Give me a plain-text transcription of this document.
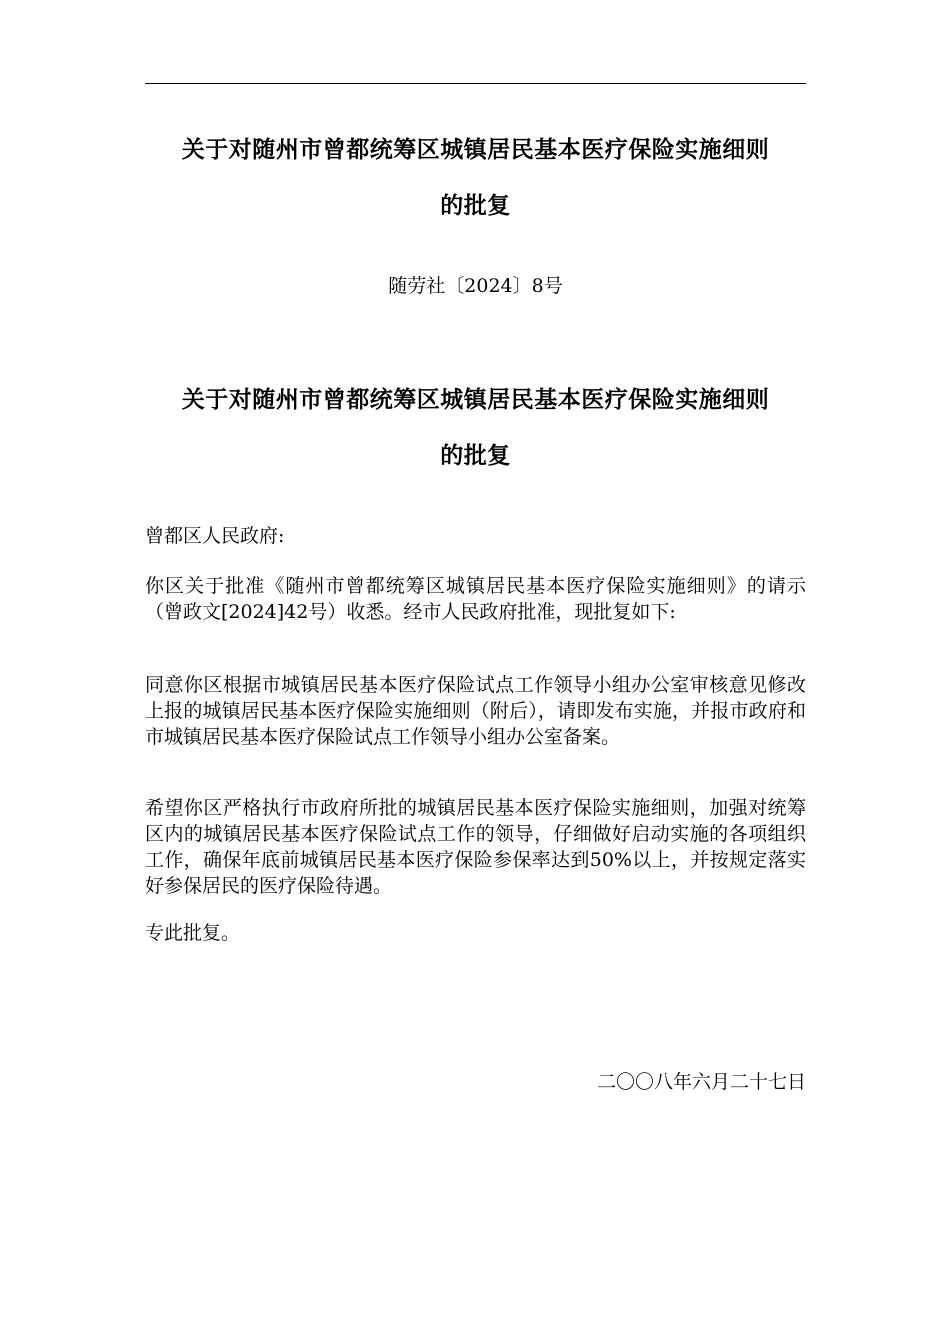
关于对随州市曾都统筹区城镇居民基本医疗保险实施细则
的批复
随劳社〔2024〕8号
关于对随州市曾都统筹区城镇居民基本医疗保险实施细则
的批复
曾都区人民政府:
你区关于批准《随州市曾都统筹区城镇居民基本医疗保险实施细则》的请示（曾政文[2024]42号）收悉。经市人民政府批准，现批复如下:
同意你区根据市城镇居民基本医疗保险试点工作领导小组办公室审核意见修改上报的城镇居民基本医疗保险实施细则（附后），请即发布实施，并报市政府和市城镇居民基本医疗保险试点工作领导小组办公室备案。
希望你区严格执行市政府所批的城镇居民基本医疗保险实施细则，加强对统筹区内的城镇居民基本医疗保险试点工作的领导，仔细做好启动实施的各项组织工作，确保年底前城镇居民基本医疗保险参保率达到50%以上，并按规定落实好参保居民的医疗保险待遇。
专此批复。
二〇〇八年六月二十七日
